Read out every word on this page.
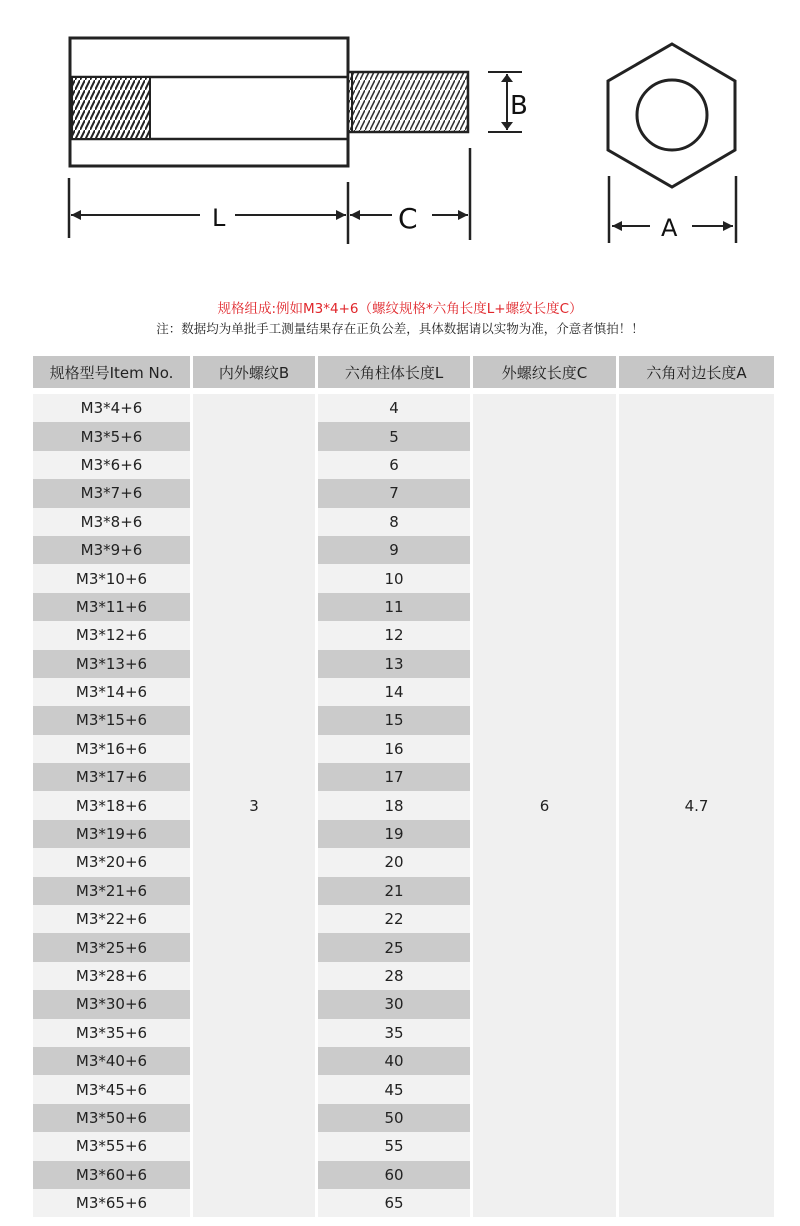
B
L	C	A
规格组成:例如M3*4+6（螺纹规格*六角长度L+螺纹长度C）
注：数据均为单批手工测量结果存在正负公差，具体数据请以实物为准，介意者慎拍！！
规格型号Item No.	内外螺纹B	六角柱体长度L	外螺纹长度C	六角对边长度A
M3*4+6	3	4	6	4.7
M3*5+6		5		
M3*6+6		6		
M3*7+6		7		
M3*8+6		8		
M3*9+6		9		
M3*10+6		10		
M3*11+6		11		
M3*12+6		12		
M3*13+6		13		
M3*14+6		14		
M3*15+6		15		
M3*16+6		16		
M3*17+6		17		
M3*18+6		18		
M3*19+6		19		
M3*20+6		20		
M3*21+6		21		
M3*22+6		22		
M3*25+6		25		
M3*28+6		28		
M3*30+6		30		
M3*35+6		35		
M3*40+6		40		
M3*45+6		45		
M3*50+6		50		
M3*55+6		55		
M3*60+6		60		
M3*65+6		65		
